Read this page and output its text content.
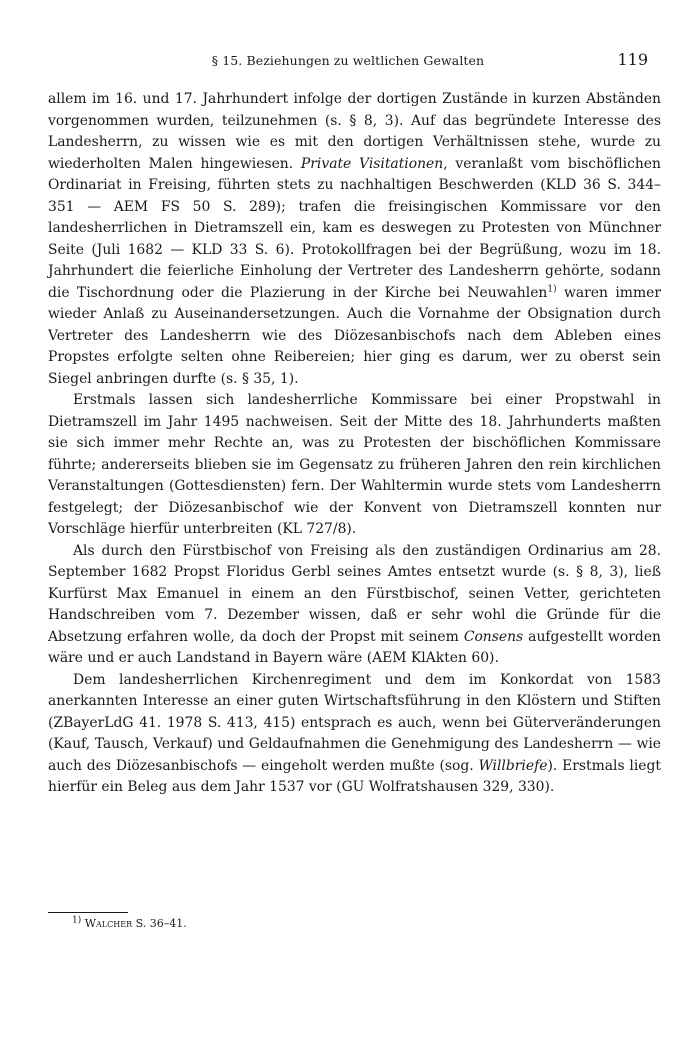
§ 15. Beziehungen zu weltlichen Gewalten	119

allem im 16. und 17. Jahrhundert infolge der dortigen Zustände in kurzen Abständen vorgenommen wurden, teilzunehmen (s. § 8, 3). Auf das begründete Interesse des Landesherrn, zu wissen wie es mit den dortigen Verhältnissen stehe, wurde zu wiederholten Malen hingewiesen. Private Visitationen, veranlaßt vom bischöflichen Ordinariat in Freising, führten stets zu nachhaltigen Beschwerden (KLD 36 S. 344–351 — AEM FS 50 S. 289); trafen die freisingischen Kommissare vor den landesherrlichen in Dietramszell ein, kam es deswegen zu Protesten von Münchner Seite (Juli 1682 — KLD 33 S. 6). Protokollfragen bei der Begrüßung, wozu im 18. Jahrhundert die feierliche Einholung der Vertreter des Landesherrn gehörte, sodann die Tischordnung oder die Plazierung in der Kirche bei Neuwahlen$^{1)}$ waren immer wieder Anlaß zu Auseinandersetzungen. Auch die Vornahme der Obsignation durch Vertreter des Landesherrn wie des Diözesanbischofs nach dem Ableben eines Propstes erfolgte selten ohne Reibereien; hier ging es darum, wer zu oberst sein Siegel anbringen durfte (s. § 35, 1).

Erstmals lassen sich landesherrliche Kommissare bei einer Propstwahl in Dietramszell im Jahr 1495 nachweisen. Seit der Mitte des 18. Jahrhunderts maßten sie sich immer mehr Rechte an, was zu Protesten der bischöflichen Kommissare führte; andererseits blieben sie im Gegensatz zu früheren Jahren den rein kirchlichen Veranstaltungen (Gottesdiensten) fern. Der Wahltermin wurde stets vom Landesherrn festgelegt; der Diözesanbischof wie der Konvent von Dietramszell konnten nur Vorschläge hierfür unterbreiten (KL 727/8).

Als durch den Fürstbischof von Freising als den zuständigen Ordinarius am 28. September 1682 Propst Floridus Gerbl seines Amtes entsetzt wurde (s. § 8, 3), ließ Kurfürst Max Emanuel in einem an den Fürstbischof, seinen Vetter, gerichteten Handschreiben vom 7. Dezember wissen, daß er sehr wohl die Gründe für die Absetzung erfahren wolle, da doch der Propst mit seinem Consens aufgestellt worden wäre und er auch Landstand in Bayern wäre (AEM KlAkten 60).

Dem landesherrlichen Kirchenregiment und dem im Konkordat von 1583 anerkannten Interesse an einer guten Wirtschaftsführung in den Klöstern und Stiften (ZBayerLdG 41. 1978 S. 413, 415) entsprach es auch, wenn bei Güterveränderungen (Kauf, Tausch, Verkauf) und Geldaufnahmen die Genehmigung des Landesherrn — wie auch des Diözesanbischofs — eingeholt werden mußte (sog. Willbriefe). Erstmals liegt hierfür ein Beleg aus dem Jahr 1537 vor (GU Wolfratshausen 329, 330).

$^{1)}$ Walcher S. 36–41.
